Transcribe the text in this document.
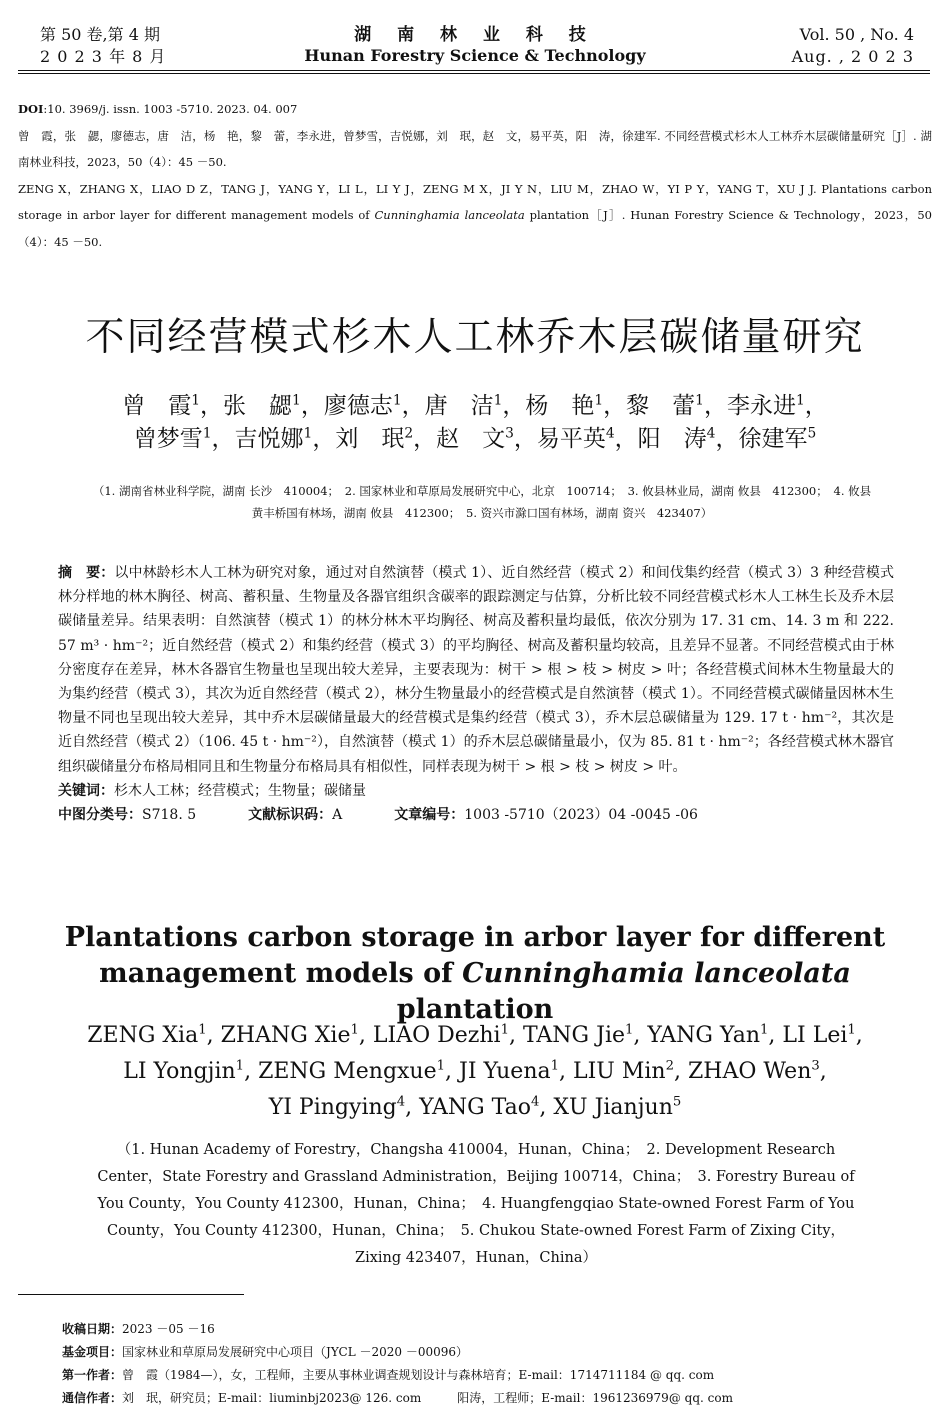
第 50 卷,第 4 期
2 0 2 3 年 8 月
湖 南 林 业 科 技
Hunan Forestry Science & Technology
Vol. 50 , No. 4
Aug. , 2 0 2 3

DOI:10. 3969/j. issn. 1003 -5710. 2023. 04. 007

曾　霞，张　勰，廖德志，唐　洁，杨　艳，黎　蕾，李永进，曾梦雪，吉悦娜，刘　珉，赵　文，易平英，阳　涛，徐建军. 不同经营模式杉木人工林乔木层碳储量研究［J］. 湖南林业科技，2023，50（4）：45 －50.

ZENG X，ZHANG X，LIAO D Z，TANG J，YANG Y，LI L，LI Y J，ZENG M X，JI Y N，LIU M，ZHAO W，YI P Y，YANG T，XU J J. Plantations carbon storage in arbor layer for different management models of Cunninghamia lanceolata plantation［J］. Hunan Forestry Science & Technology，2023，50（4）：45 －50.

不同经营模式杉木人工林乔木层碳储量研究
曾　霞$^1$，张　勰$^1$，廖德志$^1$，唐　洁$^1$，杨　艳$^1$，黎　蕾$^1$，李永进$^1$，
曾梦雪$^1$，吉悦娜$^1$，刘　珉$^2$，赵　文$^3$，易平英$^4$，阳　涛$^4$，徐建军$^5$
（1. 湖南省林业科学院，湖南 长沙　410004；　2. 国家林业和草原局发展研究中心，北京　100714；　3. 攸县林业局，湖南 攸县　412300；　4. 攸县黄丰桥国有林场，湖南 攸县　412300；　5. 资兴市滁口国有林场，湖南 资兴　423407）

摘　要：以中林龄杉木人工林为研究对象，通过对自然演替（模式 1）、近自然经营（模式 2）和间伐集约经营（模式 3）3 种经营模式林分样地的林木胸径、树高、蓄积量、生物量及各器官组织含碳率的跟踪测定与估算，分析比较不同经营模式杉木人工林生长及乔木层碳储量差异。结果表明：自然演替（模式 1）的林分林木平均胸径、树高及蓄积量均最低，依次分别为 17. 31 cm、14. 3 m 和 222. 57 m³ · hm⁻²；近自然经营（模式 2）和集约经营（模式 3）的平均胸径、树高及蓄积量均较高，且差异不显著。不同经营模式由于林分密度存在差异，林木各器官生物量也呈现出较大差异，主要表现为：树干 > 根 > 枝 > 树皮 > 叶；各经营模式间林木生物量最大的为集约经营（模式 3），其次为近自然经营（模式 2），林分生物量最小的经营模式是自然演替（模式 1）。不同经营模式碳储量因林木生物量不同也呈现出较大差异，其中乔木层碳储量最大的经营模式是集约经营（模式 3），乔木层总碳储量为 129. 17 t · hm⁻²，其次是近自然经营（模式 2）（106. 45 t · hm⁻²），自然演替（模式 1）的乔木层总碳储量最小，仅为 85. 81 t · hm⁻²；各经营模式林木器官组织碳储量分布格局相同且和生物量分布格局具有相似性，同样表现为树干 > 根 > 枝 > 树皮 > 叶。

关键词：杉木人工林；经营模式；生物量；碳储量

中图分类号：S718. 5	文献标识码：A	文章编号：1003 -5710（2023）04 -0045 -06

Plantations carbon storage in arbor layer for different management models of Cunninghamia lanceolata plantation
ZENG Xia$^1$, ZHANG Xie$^1$, LIAO Dezhi$^1$, TANG Jie$^1$, YANG Yan$^1$, LI Lei$^1$,
LI Yongjin$^1$, ZENG Mengxue$^1$, JI Yuena$^1$, LIU Min$^2$, ZHAO Wen$^3$,
YI Pingying$^4$, YANG Tao$^4$, XU Jianjun$^5$
（1. Hunan Academy of Forestry，Changsha 410004，Hunan，China；　2. Development Research Center，State Forestry and Grassland Administration，Beijing 100714，China；　3. Forestry Bureau of You County，You County 412300，Hunan，China；　4. Huangfengqiao State-owned Forest Farm of You County，You County 412300，Hunan，China；　5. Chukou State-owned Forest Farm of Zixing City，Zixing 423407，Hunan，China）

收稿日期：2023 －05 －16

基金项目：国家林业和草原局发展研究中心项目（JYCL －2020 －00096）

第一作者：曾　霞（1984—），女，工程师，主要从事林业调查规划设计与森林培育；E-mail：1714711184 @ qq. com

通信作者：刘　珉，研究员；E-mail：liuminbj2023@ 126. com　　　阳涛，工程师；E-mail：1961236979@ qq. com
